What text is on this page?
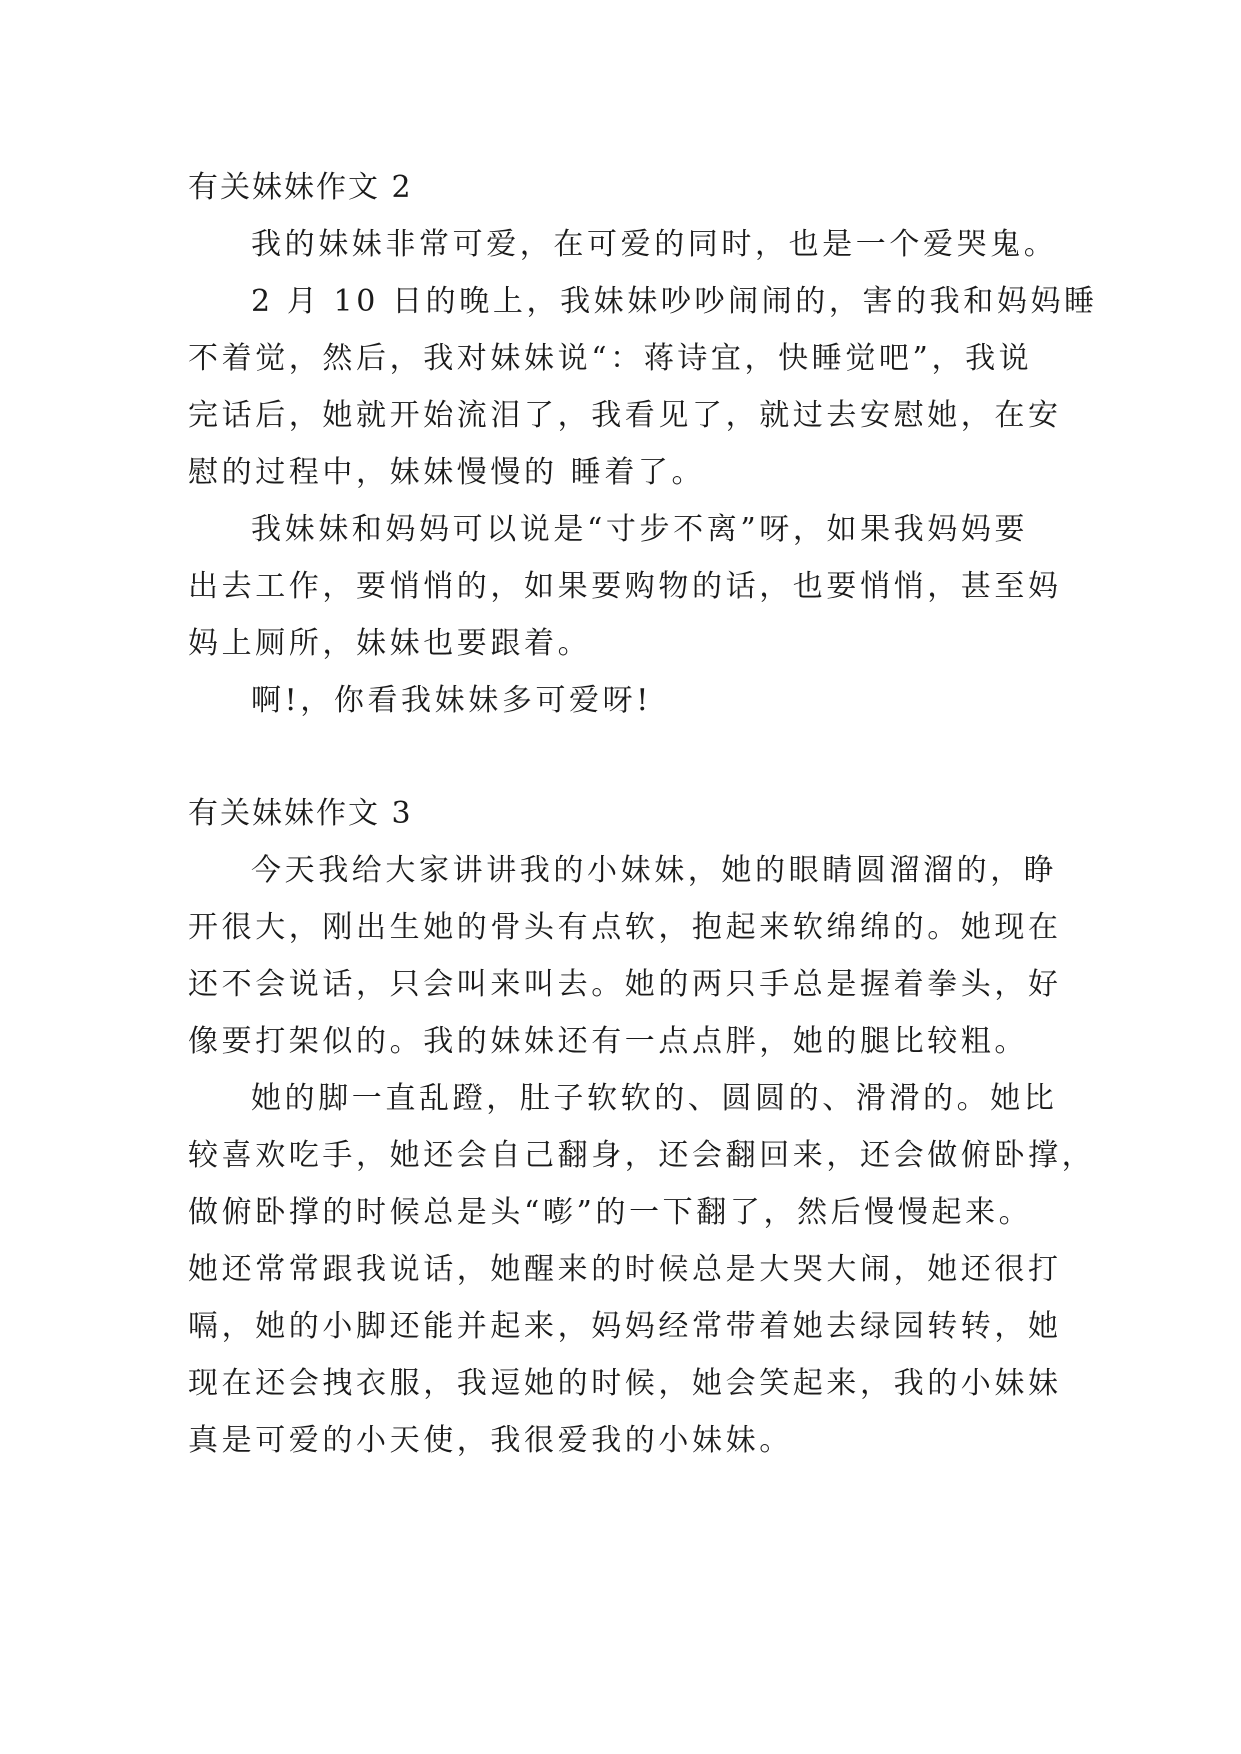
有关妹妹作文 2
我的妹妹非常可爱，在可爱的同时，也是一个爱哭鬼。
2 月 10 日的晚上，我妹妹吵吵闹闹的，害的我和妈妈睡
不着觉，然后，我对妹妹说“：蒋诗宜，快睡觉吧”，我说
完话后，她就开始流泪了，我看见了，就过去安慰她，在安
慰的过程中，妹妹慢慢的 睡着了。
我妹妹和妈妈可以说是“寸步不离”呀，如果我妈妈要
出去工作，要悄悄的，如果要购物的话，也要悄悄，甚至妈
妈上厕所，妹妹也要跟着。
啊!，你看我妹妹多可爱呀!
有关妹妹作文 3
今天我给大家讲讲我的小妹妹，她的眼睛圆溜溜的，睁
开很大，刚出生她的骨头有点软，抱起来软绵绵的。她现在
还不会说话，只会叫来叫去。她的两只手总是握着拳头，好
像要打架似的。我的妹妹还有一点点胖，她的腿比较粗。
她的脚一直乱蹬，肚子软软的、圆圆的、滑滑的。她比
较喜欢吃手，她还会自己翻身，还会翻回来，还会做俯卧撑，
做俯卧撑的时候总是头“嘭”的一下翻了，然后慢慢起来。
她还常常跟我说话，她醒来的时候总是大哭大闹，她还很打
嗝，她的小脚还能并起来，妈妈经常带着她去绿园转转，她
现在还会拽衣服，我逗她的时候，她会笑起来，我的小妹妹
真是可爱的小天使，我很爱我的小妹妹。
